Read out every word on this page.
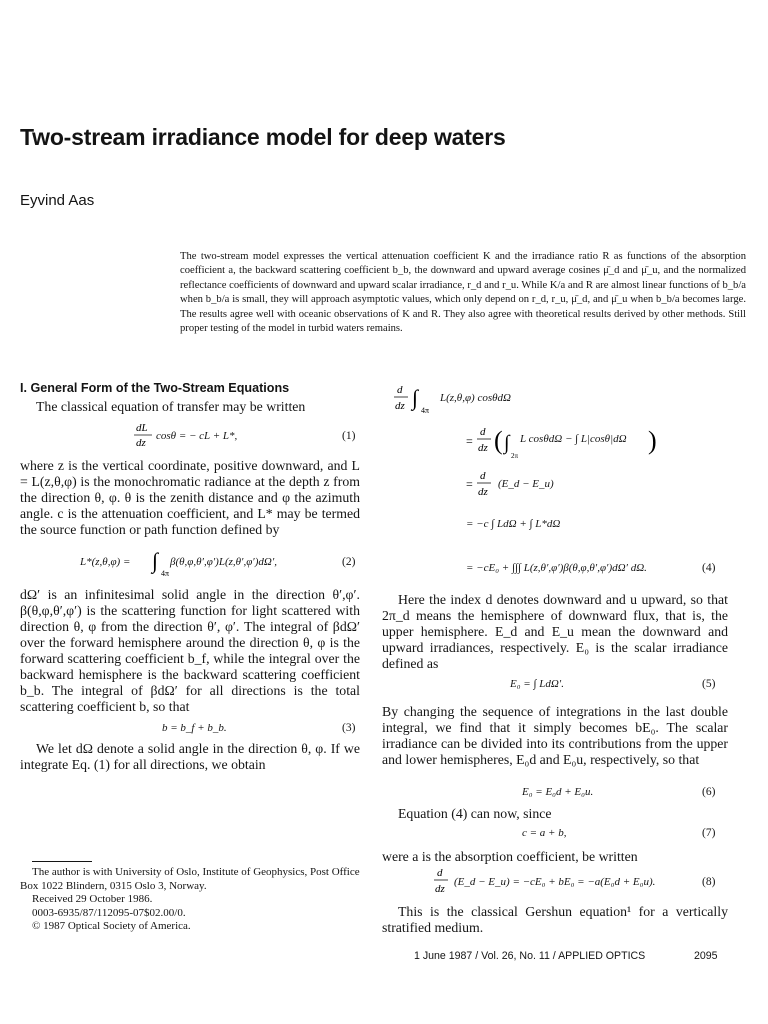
Two-stream irradiance model for deep waters
Eyvind Aas
The two-stream model expresses the vertical attenuation coefficient K and the irradiance ratio R as functions of the absorption coefficient a, the backward scattering coefficient b_b, the downward and upward average cosines μ̄_d and μ̄_u, and the normalized reflectance coefficients of downward and upward scalar irradiance, r_d and r_u. While K/a and R are almost linear functions of b_b/a when b_b/a is small, they will approach asymptotic values, which only depend on r_d, r_u, μ̄_d, and μ̄_u when b_b/a becomes large. The results agree well with oceanic observations of K and R. They also agree with theoretical results derived by other methods. Still proper testing of the model in turbid waters remains.
I. General Form of the Two-Stream Equations
The classical equation of transfer may be written
dL
dz
cosθ = − cL + L*,	(1)
where z is the vertical coordinate, positive downward, and L = L(z,θ,φ) is the monochromatic radiance at the depth z from the direction θ, φ. θ is the zenith distance and φ the azimuth angle. c is the attenuation coefficient, and L* may be termed the source function or path function defined by
L*(z,θ,φ) = ∫
4π
β(θ,φ,θ′,φ′)L(z,θ′,φ′)dΩ′,	(2)
dΩ′ is an infinitesimal solid angle in the direction θ′,φ′. β(θ,φ,θ′,φ′) is the scattering function for light scattered with direction θ, φ from the direction θ′, φ′. The integral of βdΩ′ over the forward hemisphere around the direction θ, φ is the forward scattering coefficient b_f, while the integral over the backward hemisphere is the backward scattering coefficient b_b. The integral of βdΩ′ for all directions is the total scattering coefficient b, so that
b = b_f + b_b.	(3)
We let dΩ denote a solid angle in the direction θ, φ. If we integrate Eq. (1) for all directions, we obtain
The author is with University of Oslo, Institute of Geophysics, Post Office Box 1022 Blindern, 0315 Oslo 3, Norway.
Received 29 October 1986.
0003-6935/87/112095-07$02.00/0.
© 1987 Optical Society of America.
d
dz ∫
4π
L(z,θ,φ) cosθdΩ
=
d
dz ( ∫
2π
L cosθdΩ − ∫ L|cosθ|dΩ )
=
d
dz
(E_d − E_u)
= −c ∫ LdΩ + ∫ L*dΩ
= −cE₀ + ∫∫∫ L(z,θ′,φ′)β(θ,φ,θ′,φ′)dΩ′ dΩ.	(4)
Here the index d denotes downward and u upward, so that 2π_d means the hemisphere of downward flux, that is, the upper hemisphere. E_d and E_u mean the downward and upward irradiances, respectively. E₀ is the scalar irradiance defined as
E₀ = ∫ LdΩ′.	(5)
By changing the sequence of integrations in the last double integral, we find that it simply becomes bE₀. The scalar irradiance can be divided into its contributions from the upper and lower hemispheres, E₀d and E₀u, respectively, so that
E₀ = E₀d + E₀u.	(6)
Equation (4) can now, since
c = a + b,	(7)
were a is the absorption coefficient, be written
d
dz
(E_d − E_u) = −cE₀ + bE₀ = −a(E₀d + E₀u).	(8)
This is the classical Gershun equation¹ for a vertically stratified medium.
1 June 1987 / Vol. 26, No. 11 / APPLIED OPTICS	2095
